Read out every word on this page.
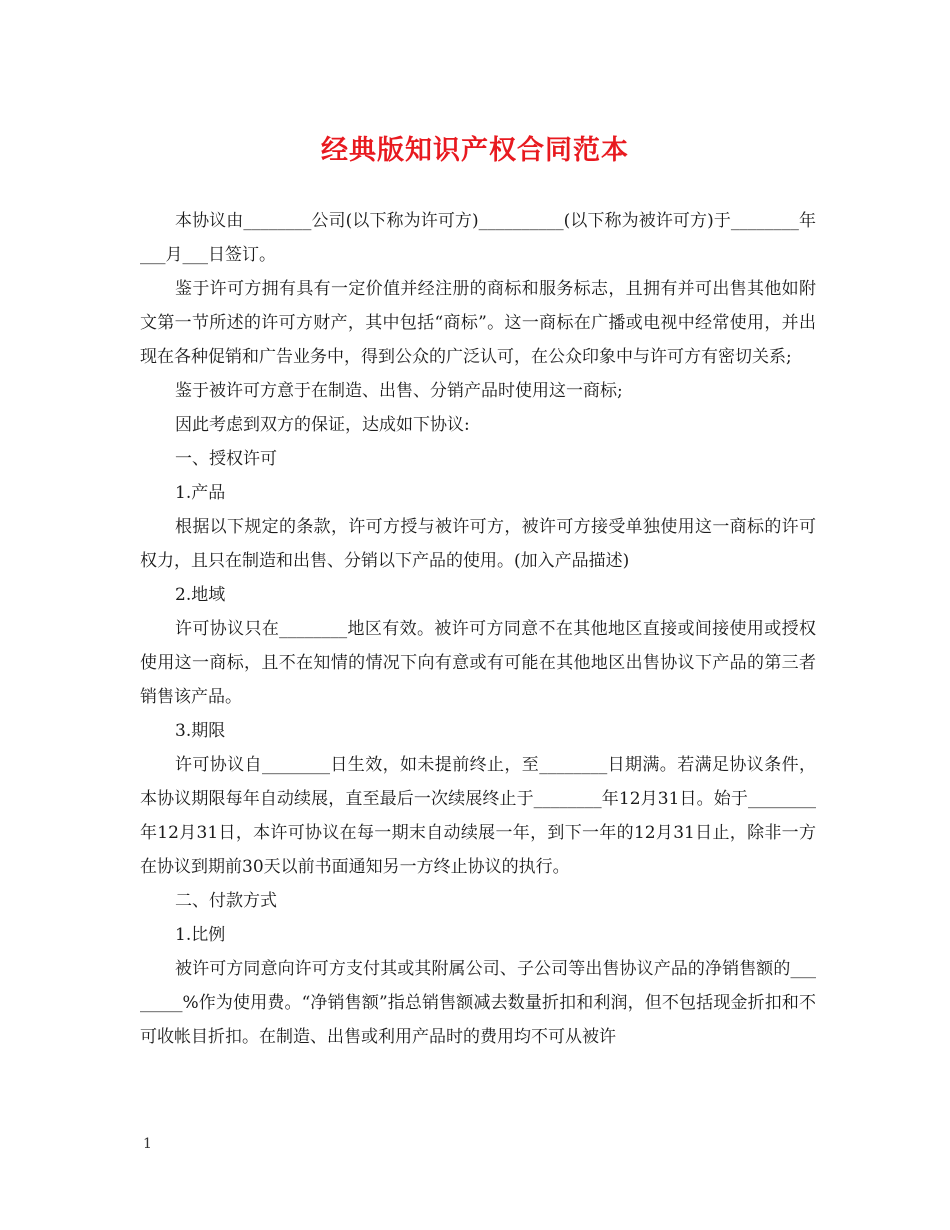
经典版知识产权合同范本

本协议由________公司(以下称为许可方)__________(以下称为被许可方)于________年___月___日签订。

鉴于许可方拥有具有一定价值并经注册的商标和服务标志，且拥有并可出售其他如附文第一节所述的许可方财产，其中包括“商标”。这一商标在广播或电视中经常使用，并出现在各种促销和广告业务中，得到公众的广泛认可，在公众印象中与许可方有密切关系;

鉴于被许可方意于在制造、出售、分销产品时使用这一商标;

因此考虑到双方的保证，达成如下协议:

一、授权许可

1.产品

根据以下规定的条款，许可方授与被许可方，被许可方接受单独使用这一商标的许可权力，且只在制造和出售、分销以下产品的使用。(加入产品描述)

2.地域

许可协议只在________地区有效。被许可方同意不在其他地区直接或间接使用或授权使用这一商标，且不在知情的情况下向有意或有可能在其他地区出售协议下产品的第三者销售该产品。

3.期限

许可协议自________日生效，如未提前终止，至________日期满。若满足协议条件，本协议期限每年自动续展，直至最后一次续展终止于________年12月31日。始于________年12月31日，本许可协议在每一期末自动续展一年，到下一年的12月31日止，除非一方在协议到期前30天以前书面通知另一方终止协议的执行。

二、付款方式

1.比例

被许可方同意向许可方支付其或其附属公司、子公司等出售协议产品的净销售额的________%作为使用费。“净销售额”指总销售额减去数量折扣和利润，但不包括现金折扣和不可收帐目折扣。在制造、出售或利用产品时的费用均不可从被许

1
